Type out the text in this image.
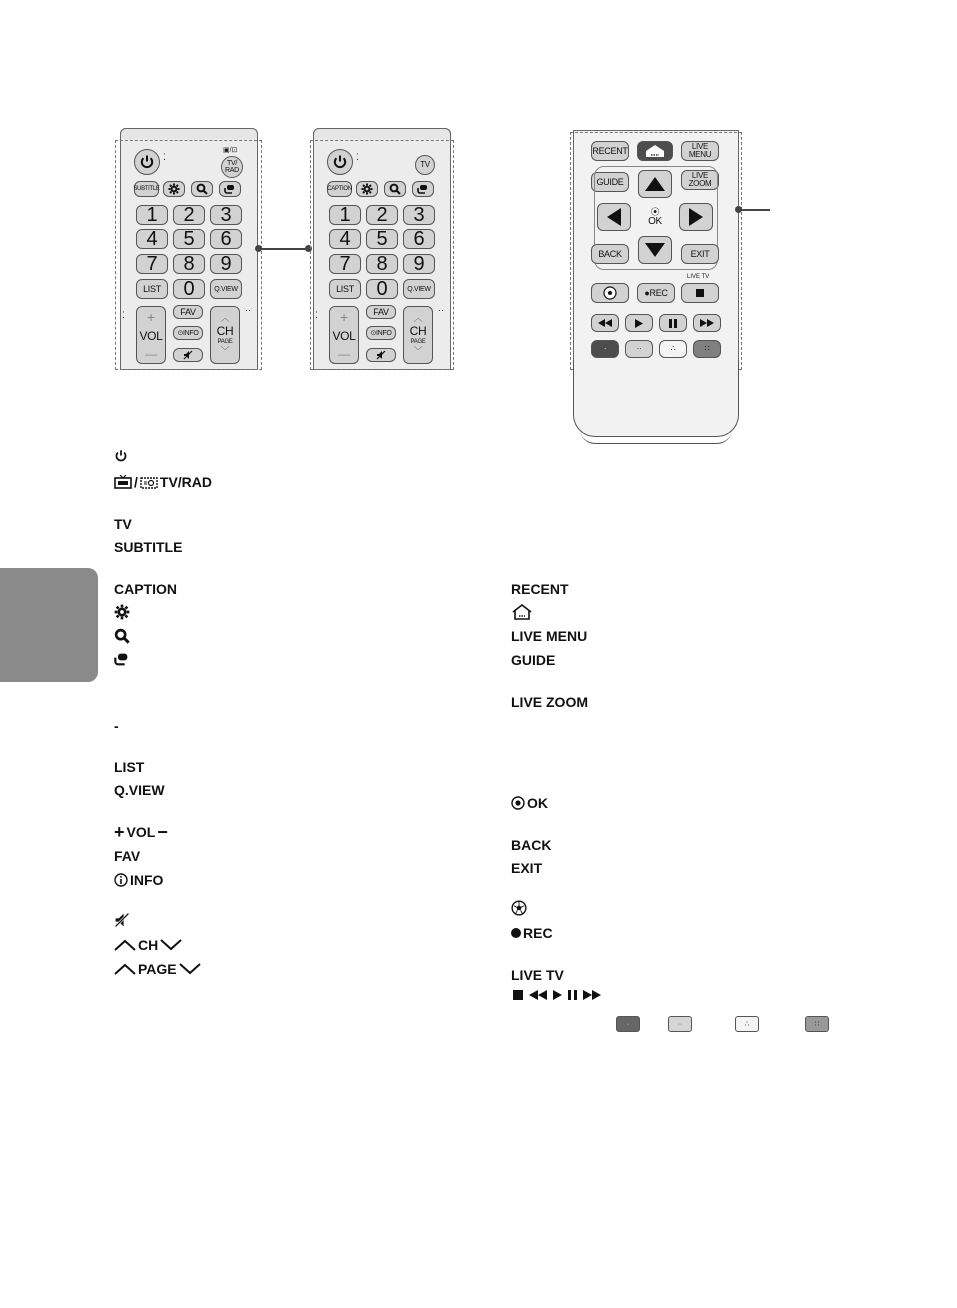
⁚
▣/⊡
TV/
RAD
SUBTITLE
1	2	3
4	5	6
7	8	9
LIST	0	Q.VIEW
+
VOL
—
FAV
⊙INFO
︿
CH
PAGE
﹀
⁚	··
⁚
TV
CAPTION
1	2	3
4	5	6
7	8	9
LIST	0	Q.VIEW
+
VOL
—
FAV
⊙INFO
︿
CH
PAGE
﹀
⁚	··
RECENT	LIVE
MENU
GUIDE
LIVE
ZOOM
⦿
OK
BACK	EXIT
●REC
LIVE TV
·	··	∴	∷
/ TV/RAD
TV
SUBTITLE
CAPTION
-
LIST
Q.VIEW
+ VOL −
FAV
INFO
CH
PAGE
RECENT
LIVE MENU
GUIDE
LIVE ZOOM
OK
BACK
EXIT
REC
LIVE TV
·	··	∴	∷
